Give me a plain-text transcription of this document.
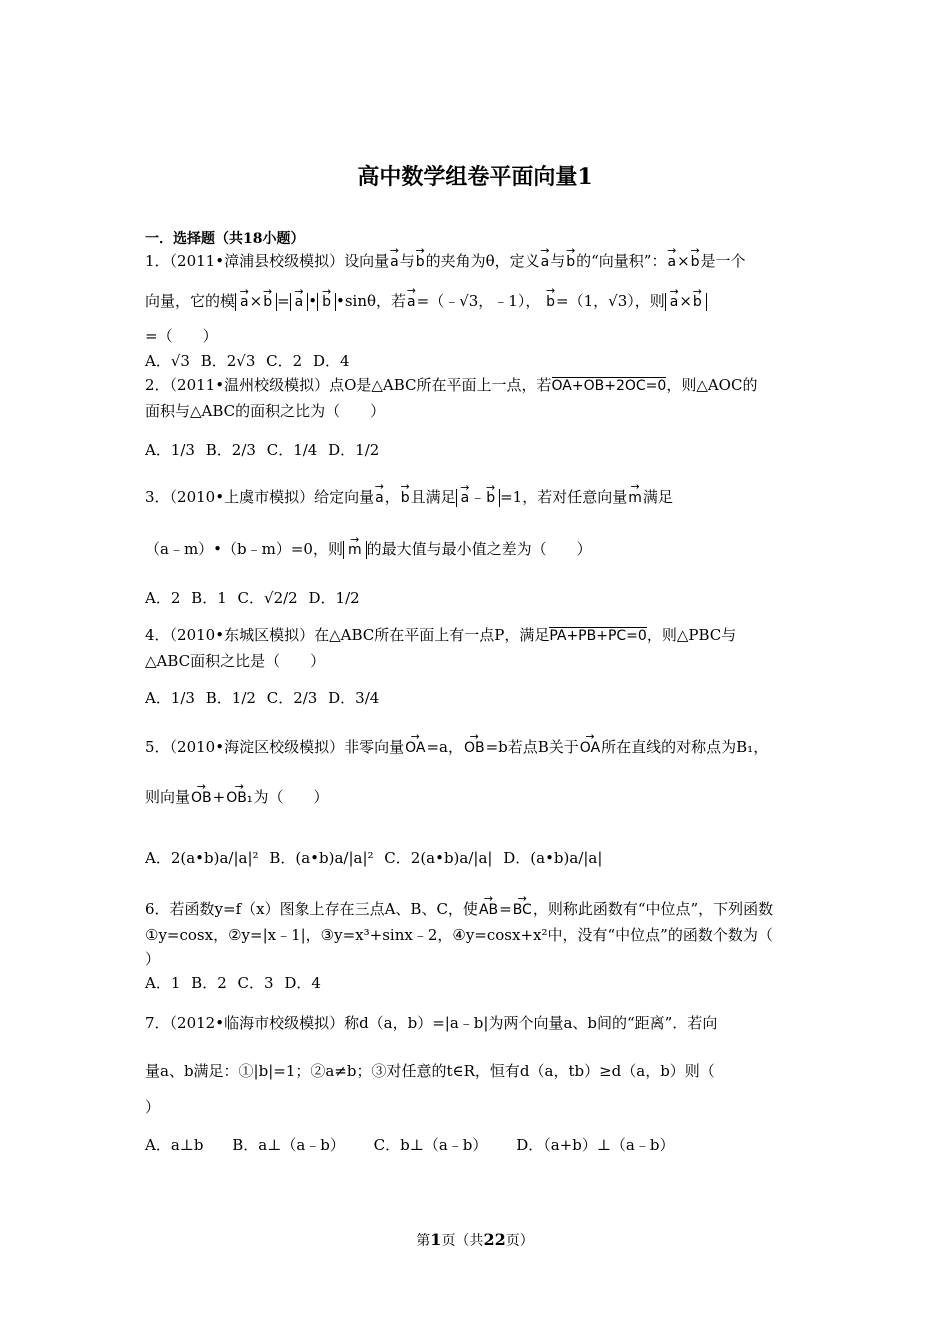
高中数学组卷平面向量1
一．选择题（共18小题）
1．（2011•漳浦县校级模拟）设向量→ a与→ b的夹角为θ，定义→ a与→ b的“向量积”：→ a×→ b是一个
向量，它的模 → a×→ b = → a • → b •sinθ，若→ a=（﹣√3，﹣1）， → b=（1，√3），则 → a×→ b
=（　　）
A．√3 B．2√3 C．2 D．4
2．（2011•温州校级模拟）点O是△ABC所在平面上一点，若OA+OB+2OC=0，则△AOC的
面积与△ABC的面积之比为（　　）
A．1/3 B．2/3 C．1/4 D．1/2
3．（2010•上虞市模拟）给定向量→ a，→ b且满足 → a﹣→ b =1，若对任意向量→ m满足
（a﹣m）•（b﹣m）=0，则 → m 的最大值与最小值之差为（　　）
A．2 B．1 C．√2/2 D．1/2
4．（2010•东城区模拟）在△ABC所在平面上有一点P，满足PA+PB+PC=0，则△PBC与
△ABC面积之比是（　　）
A．1/3 B．1/2 C．2/3 D．3/4
5．（2010•海淀区校级模拟）非零向量→ OA=a，→ OB=b若点B关于→ OA所在直线的对称点为B₁，
则向量→ OB+→ OB₁为（　　）
A．2(a•b)a/|a|² B．(a•b)a/|a|² C．2(a•b)a/|a| D．(a•b)a/|a|
6．若函数y=f（x）图象上存在三点A、B、C，使→ AB=→ BC，则称此函数有“中位点”，下列函数
①y=cosx，②y=|x﹣1|，③y=x³+sinx﹣2，④y=cosx+x²中，没有“中位点”的函数个数为（
）
A．1 B．2 C．3 D．4
7．（2012•临海市校级模拟）称d（a，b）=|a﹣b|为两个向量a、b间的“距离”．若向
量a、b满足：①|b|=1；②a≠b；③对任意的t∈R，恒有d（a，tb）≥d（a，b）则（
）
A．a⊥b B．a⊥（a﹣b） C．b⊥（a﹣b） D．（a+b）⊥（a﹣b）
第1页（共22页）
